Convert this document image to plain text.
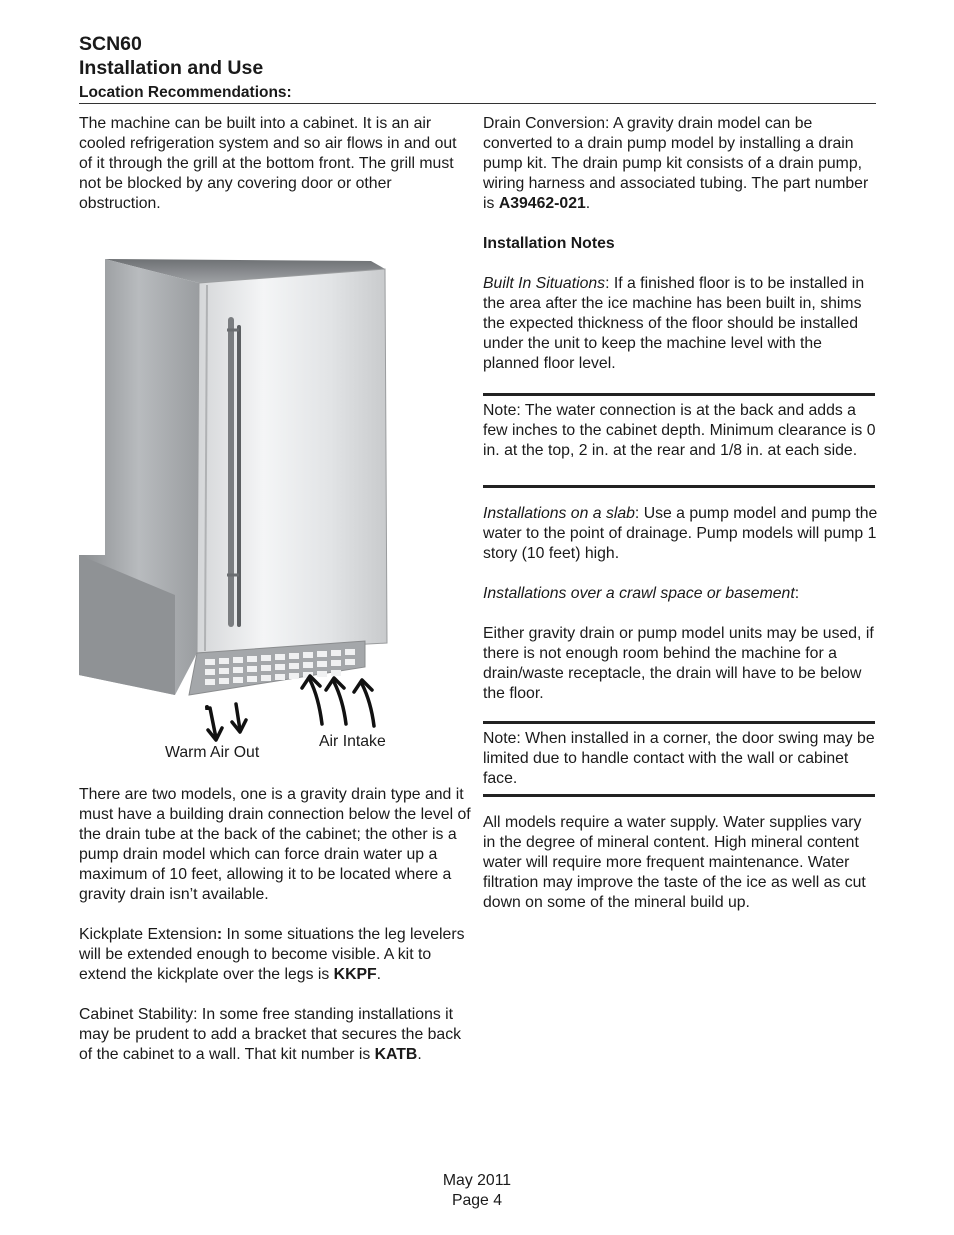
SCN60
Installation and Use
Location Recommendations:

The machine can be built into a cabinet. It is an air cooled refrigeration system and so air flows in and out of it through the grill at the bottom front. The grill must not be blocked by any covering door or other obstruction.

Warm Air Out
Air Intake

There are two models, one is a gravity drain type and it must have a building drain connection below the level of the drain tube at the back of the cabinet; the other is a pump drain model which can force drain water up a maximum of 10 feet, allowing it to be located where a gravity drain isn’t available.

Kickplate Extension: In some situations the leg levelers will be extended enough to become visible. A kit to extend the kickplate over the legs is KKPF.

Cabinet Stability: In some free standing installations it may be prudent to add a bracket that secures the back of the cabinet to a wall. That kit number is KATB.

Drain Conversion: A gravity drain model can be converted to a drain pump model by installing a drain pump kit. The drain pump kit consists of a drain pump, wiring harness and associated tubing. The part number is A39462-021.

Installation Notes

Built In Situations: If a finished floor is to be installed in the area after the ice machine has been built in, shims the expected thickness of the floor should be installed under the unit to keep the machine level with the planned floor level.

Note: The water connection is at the back and adds a few inches to the cabinet depth. Minimum clearance is 0 in. at the top, 2 in. at the rear and 1/8 in. at each side.

Installations on a slab: Use a pump model and pump the water to the point of drainage. Pump models will pump 1 story (10 feet) high.

Installations over a crawl space or basement:

Either gravity drain or pump model units may be used, if there is not enough room behind the machine for a drain/waste receptacle, the drain will have to be below the floor.

Note: When installed in a corner, the door swing may be limited due to handle contact with the wall or cabinet face.

All models require a water supply. Water supplies vary in the degree of mineral content. High mineral content water will require more frequent maintenance. Water filtration may improve the taste of the ice as well as cut down on some of the mineral build up.

May 2011
Page 4
